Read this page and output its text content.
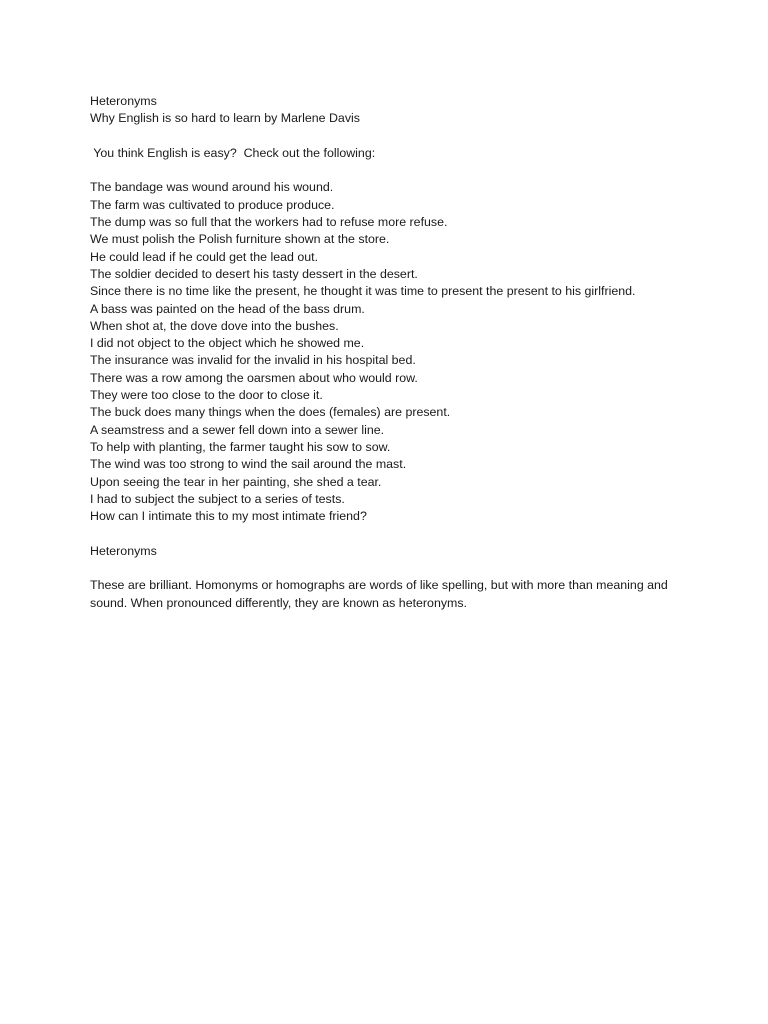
Heteronyms
Why English is so hard to learn by Marlene Davis
You think English is easy?  Check out the following:
The bandage was wound around his wound.
The farm was cultivated to produce produce.
The dump was so full that the workers had to refuse more refuse.
We must polish the Polish furniture shown at the store.
He could lead if he could get the lead out.
The soldier decided to desert his tasty dessert in the desert.
Since there is no time like the present, he thought it was time to present the present to his girlfriend.
A bass was painted on the head of the bass drum.
When shot at, the dove dove into the bushes.
I did not object to the object which he showed me.
The insurance was invalid for the invalid in his hospital bed.
There was a row among the oarsmen about who would row.
They were too close to the door to close it.
The buck does many things when the does (females) are present.
A seamstress and a sewer fell down into a sewer line.
To help with planting, the farmer taught his sow to sow.
The wind was too strong to wind the sail around the mast.
Upon seeing the tear in her painting, she shed a tear.
I had to subject the subject to a series of tests.
How can I intimate this to my most intimate friend?
Heteronyms
These are brilliant. Homonyms or homographs are words of like spelling, but with more than meaning and sound. When pronounced differently, they are known as heteronyms.
